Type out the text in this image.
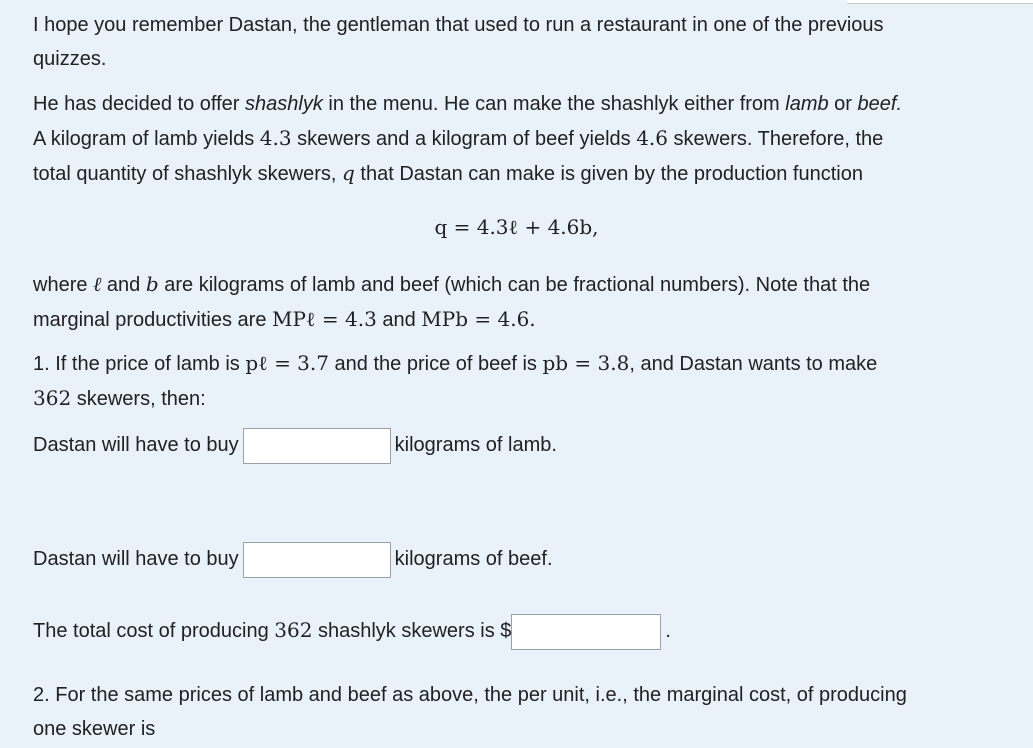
I hope you remember Dastan, the gentleman that used to run a restaurant in one of the previous
quizzes.

He has decided to offer shashlyk in the menu. He can make the shashlyk either from lamb or beef.
A kilogram of lamb yields 4.3 skewers and a kilogram of beef yields 4.6 skewers. Therefore, the
total quantity of shashlyk skewers, q that Dastan can make is given by the production function

q = 4.3ℓ + 4.6b,

where ℓ and b are kilograms of lamb and beef (which can be fractional numbers). Note that the
marginal productivities are MPℓ = 4.3 and MPb = 4.6.

1. If the price of lamb is pℓ = 3.7 and the price of beef is pb = 3.8, and Dastan wants to make
362 skewers, then:

Dastan will have to buy	kilograms of lamb.

Dastan will have to buy	kilograms of beef.

The total cost of producing 362 shashlyk skewers is $	.

2. For the same prices of lamb and beef as above, the per unit, i.e., the marginal cost, of producing
one skewer is
